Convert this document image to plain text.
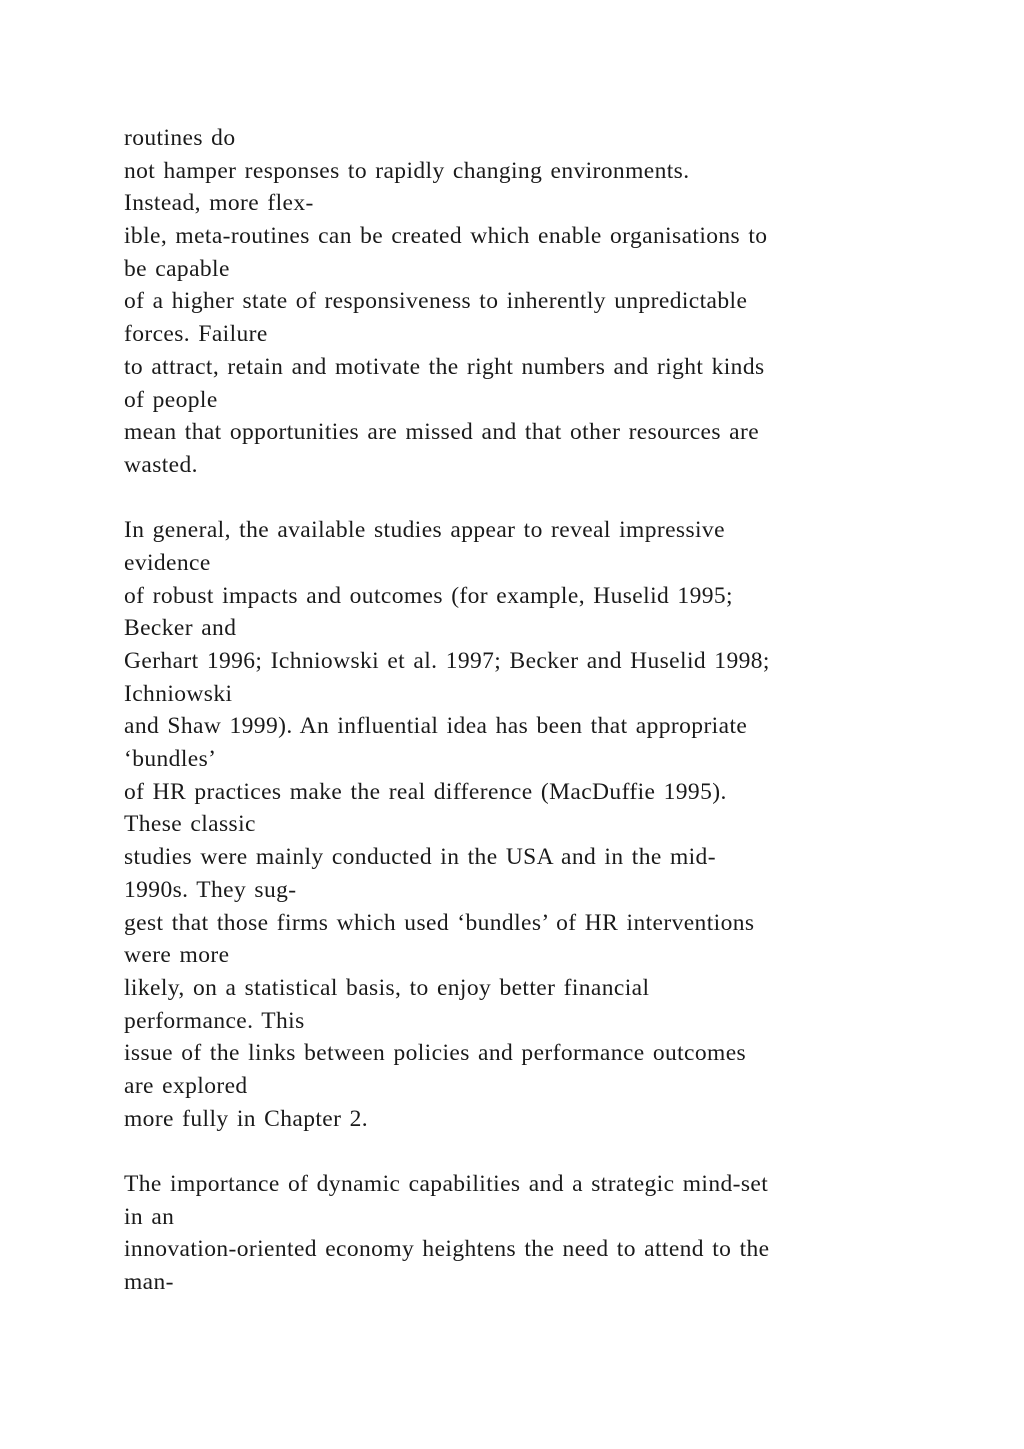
routines do
not hamper responses to rapidly changing environments.
Instead, more flex-
ible, meta-routines can be created which enable organisations to
be capable
of a higher state of responsiveness to inherently unpredictable
forces. Failure
to attract, retain and motivate the right numbers and right kinds
of people
mean that opportunities are missed and that other resources are
wasted.
In general, the available studies appear to reveal impressive
evidence
of robust impacts and outcomes (for example, Huselid 1995;
Becker and
Gerhart 1996; Ichniowski et al. 1997; Becker and Huselid 1998;
Ichniowski
and Shaw 1999). An influential idea has been that appropriate
‘bundles’
of HR practices make the real difference (MacDuffie 1995).
These classic
studies were mainly conducted in the USA and in the mid-
1990s. They sug-
gest that those firms which used ‘bundles’ of HR interventions
were more
likely, on a statistical basis, to enjoy better financial
performance. This
issue of the links between policies and performance outcomes
are explored
more fully in Chapter 2.
The importance of dynamic capabilities and a strategic mind-set
in an
innovation-oriented economy heightens the need to attend to the
man-
